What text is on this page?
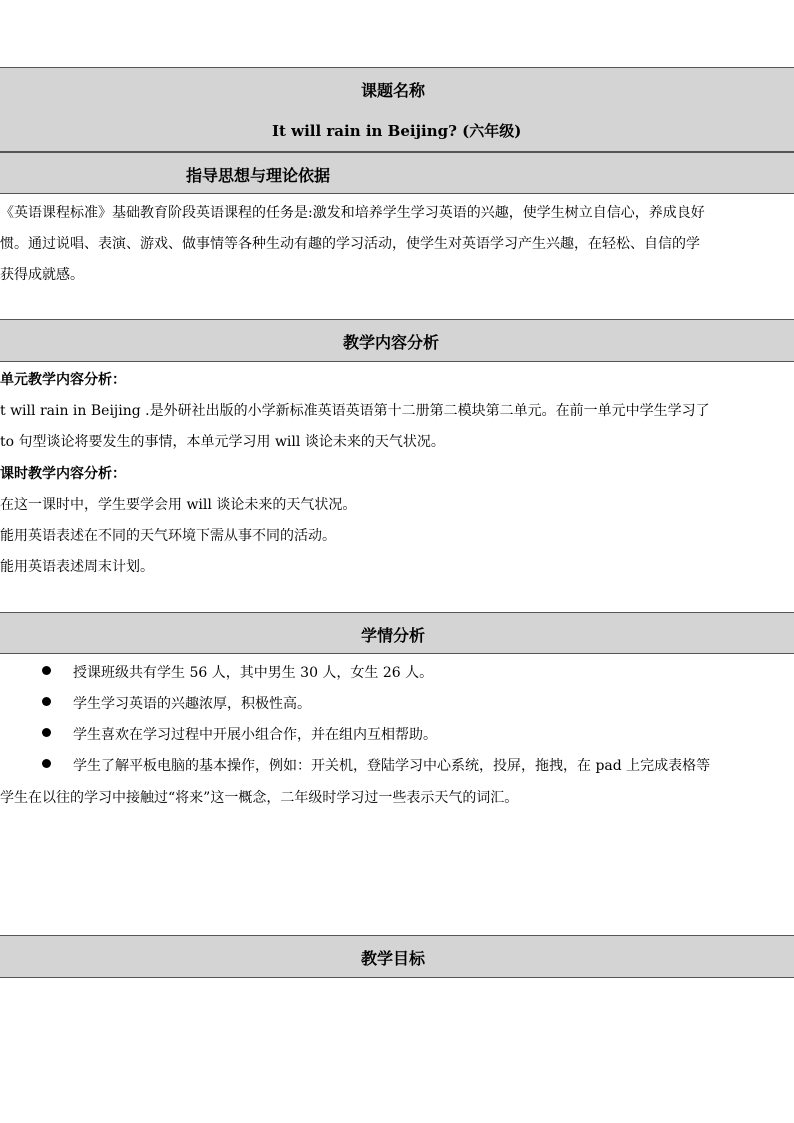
课题名称
It will rain in Beijing? (六年级)
指导思想与理论依据
《英语课程标准》基础教育阶段英语课程的任务是:激发和培养学生学习英语的兴趣，使学生树立自信心，养成良好
惯。通过说唱、表演、游戏、做事情等各种生动有趣的学习活动，使学生对英语学习产生兴趣，在轻松、自信的学
获得成就感。
教学内容分析
单元教学内容分析：
t will rain in Beijing .是外研社出版的小学新标准英语英语第十二册第二模块第二单元。在前一单元中学生学习了
to 句型谈论将要发生的事情，本单元学习用 will 谈论未来的天气状况。
课时教学内容分析：
在这一课时中，学生要学会用 will 谈论未来的天气状况。
能用英语表述在不同的天气环境下需从事不同的活动。
能用英语表述周末计划。
学情分析
授课班级共有学生 56 人，其中男生 30 人，女生 26 人。
学生学习英语的兴趣浓厚，积极性高。
学生喜欢在学习过程中开展小组合作，并在组内互相帮助。
学生了解平板电脑的基本操作，例如：开关机，登陆学习中心系统，投屏，拖拽，在 pad 上完成表格等
学生在以往的学习中接触过“将来”这一概念，二年级时学习过一些表示天气的词汇。
教学目标
